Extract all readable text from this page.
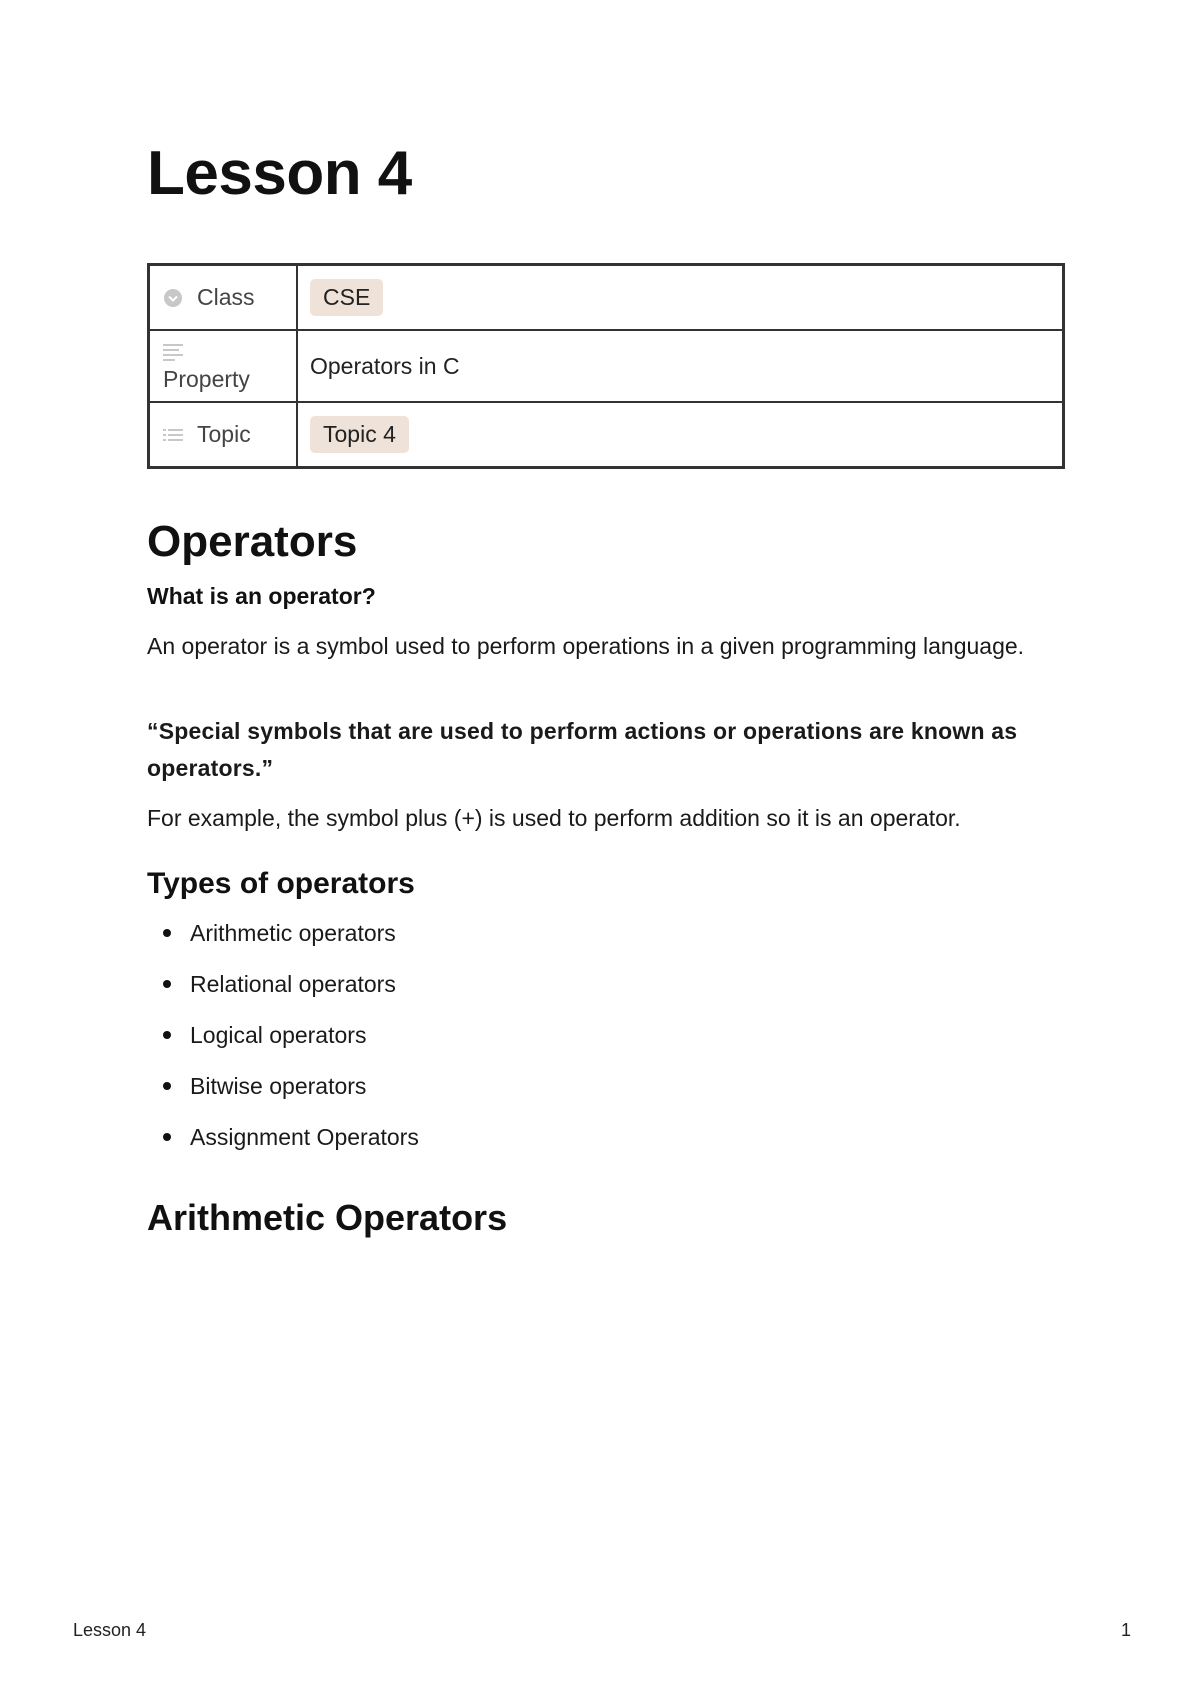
Lesson 4
Class	CSE

Property	Operators in C

Topic	Topic 4
Operators

What is an operator?

An operator is a symbol used to perform operations in a given programming language.

“Special symbols that are used to perform actions or operations are known as operators.”

For example, the symbol plus (+) is used to perform addition so it is an operator.

Types of operators
Arithmetic operators
Relational operators
Logical operators
Bitwise operators
Assignment Operators
Arithmetic Operators
Lesson 4	1
